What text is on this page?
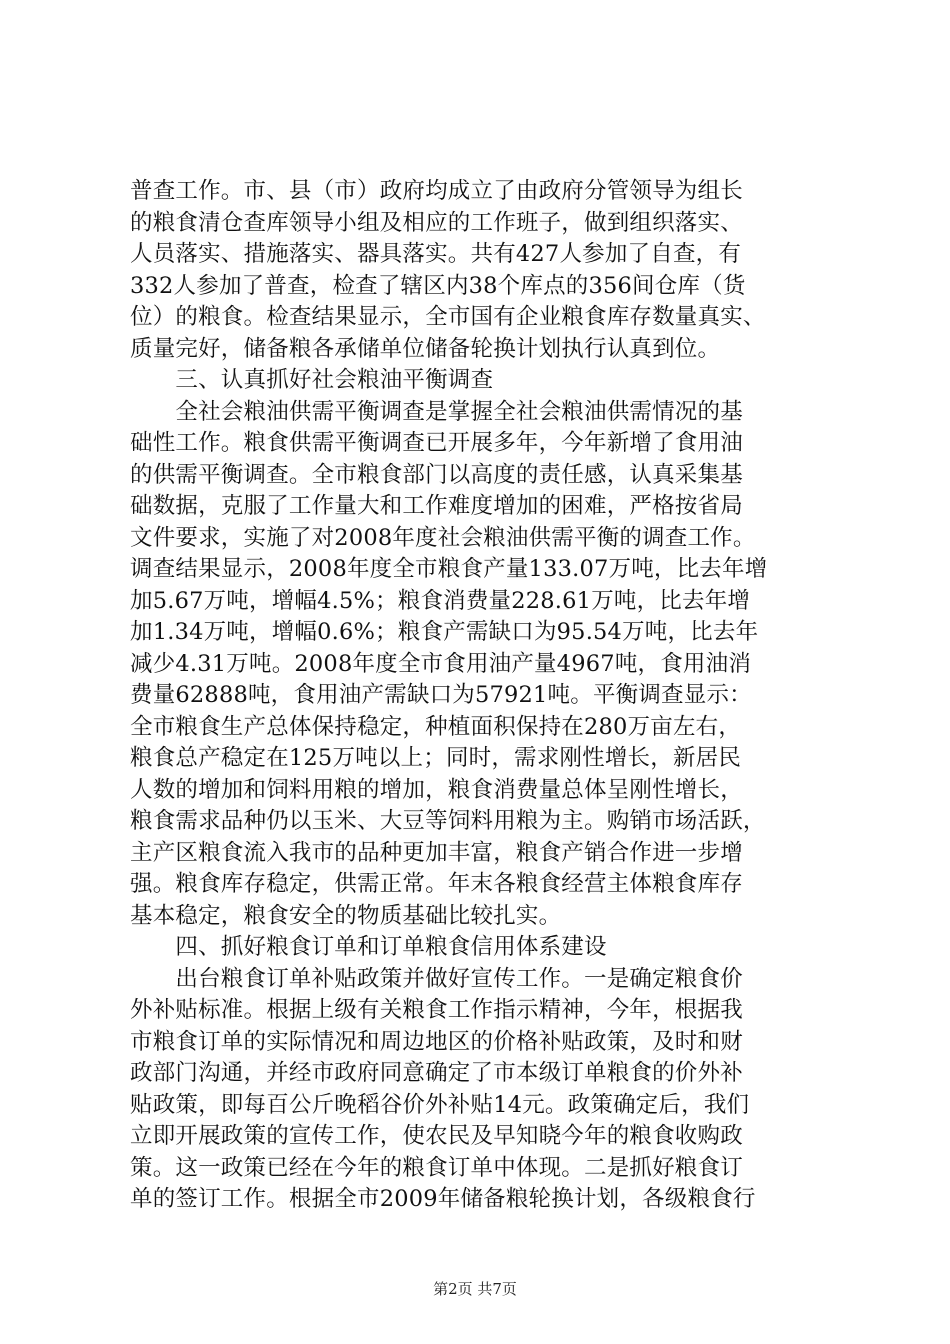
普查工作。市、县（市）政府均成立了由政府分管领导为组长
的粮食清仓查库领导小组及相应的工作班子，做到组织落实、
人员落实、措施落实、器具落实。共有427人参加了自查，有
332人参加了普查，检查了辖区内38个库点的356间仓库（货
位）的粮食。检查结果显示，全市国有企业粮食库存数量真实、
质量完好，储备粮各承储单位储备轮换计划执行认真到位。
　　三、认真抓好社会粮油平衡调查
　　全社会粮油供需平衡调查是掌握全社会粮油供需情况的基
础性工作。粮食供需平衡调查已开展多年，今年新增了食用油
的供需平衡调查。全市粮食部门以高度的责任感，认真采集基
础数据，克服了工作量大和工作难度增加的困难，严格按省局
文件要求，实施了对2008年度社会粮油供需平衡的调查工作。
调查结果显示，2008年度全市粮食产量133.07万吨，比去年增
加5.67万吨，增幅4.5%；粮食消费量228.61万吨，比去年增
加1.34万吨，增幅0.6%；粮食产需缺口为95.54万吨，比去年
减少4.31万吨。2008年度全市食用油产量4967吨，食用油消
费量62888吨，食用油产需缺口为57921吨。平衡调查显示：
全市粮食生产总体保持稳定，种植面积保持在280万亩左右，
粮食总产稳定在125万吨以上；同时，需求刚性增长，新居民
人数的增加和饲料用粮的增加，粮食消费量总体呈刚性增长，
粮食需求品种仍以玉米、大豆等饲料用粮为主。购销市场活跃，
主产区粮食流入我市的品种更加丰富，粮食产销合作进一步增
强。粮食库存稳定，供需正常。年末各粮食经营主体粮食库存
基本稳定，粮食安全的物质基础比较扎实。
　　四、抓好粮食订单和订单粮食信用体系建设
　　出台粮食订单补贴政策并做好宣传工作。一是确定粮食价
外补贴标准。根据上级有关粮食工作指示精神，今年，根据我
市粮食订单的实际情况和周边地区的价格补贴政策，及时和财
政部门沟通，并经市政府同意确定了市本级订单粮食的价外补
贴政策，即每百公斤晚稻谷价外补贴14元。政策确定后，我们
立即开展政策的宣传工作，使农民及早知晓今年的粮食收购政
策。这一政策已经在今年的粮食订单中体现。二是抓好粮食订
单的签订工作。根据全市2009年储备粮轮换计划，各级粮食行
第2页 共7页
